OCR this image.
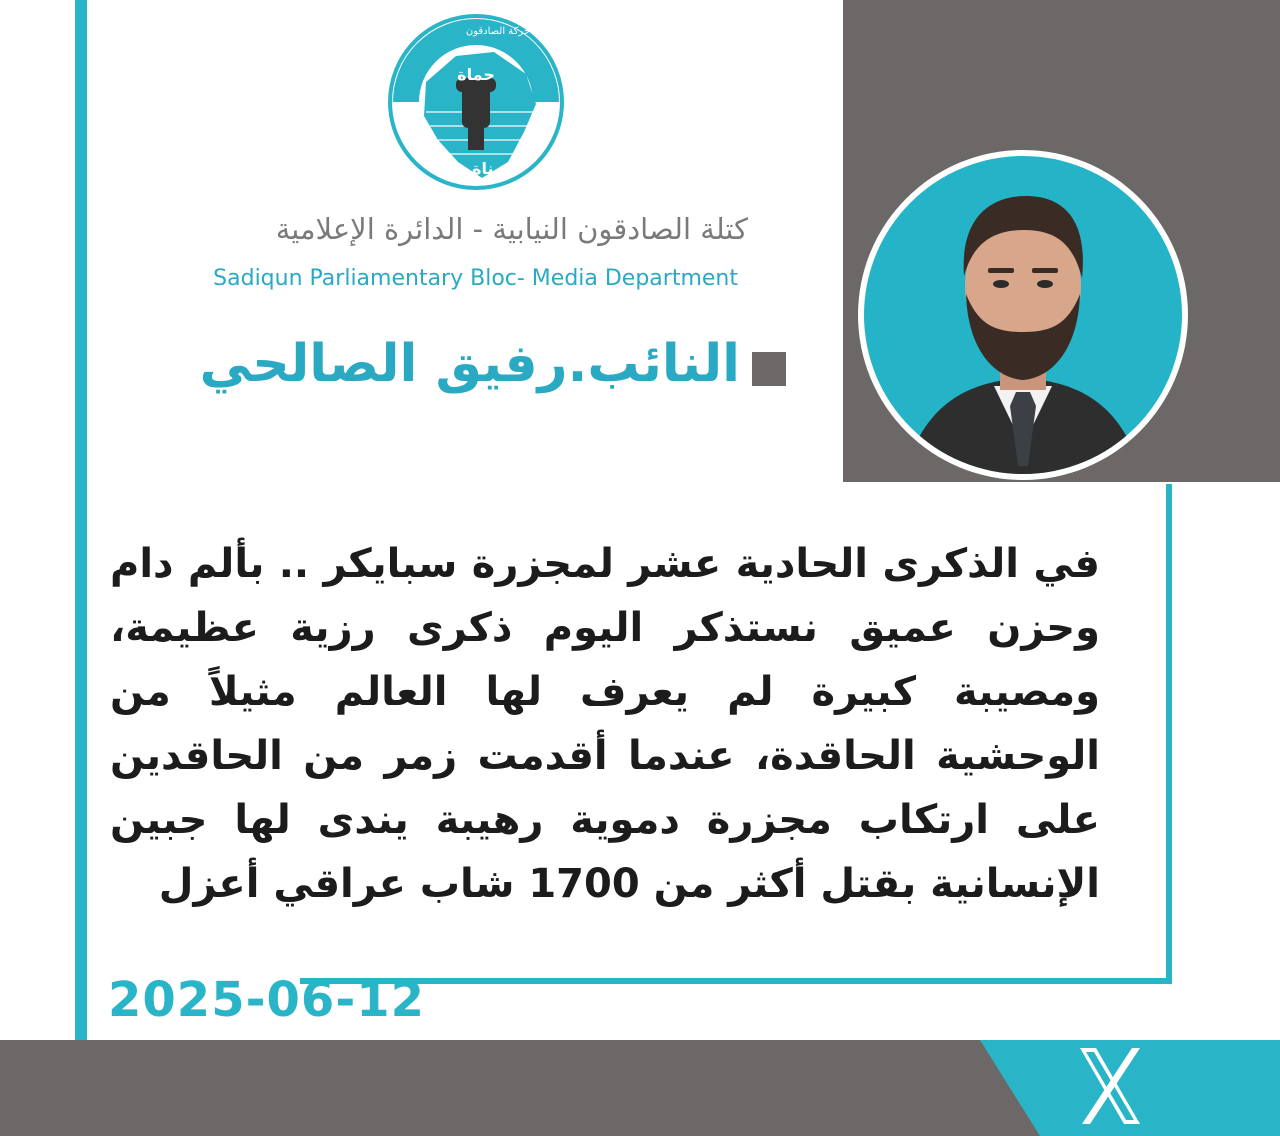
حماة
بناة
حركة الصادقون
كتلة الصادقون النيابية - الدائرة الإعلامية
Sadiqun Parliamentary Bloc- Media Department
النائب.رفيق الصالحي
في الذكرى الحادية عشر لمجزرة سبايكر .. بألم دام وحزن عميق نستذكر اليوم ذكرى رزية عظيمة، ومصيبة كبيرة لم يعرف لها العالم مثيلاً من الوحشية الحاقدة، عندما أقدمت زمر من الحاقدين على ارتكاب مجزرة دموية رهيبة يندى لها جبين الإنسانية بقتل أكثر من 1700 شاب عراقي أعزل
2025-06-12
